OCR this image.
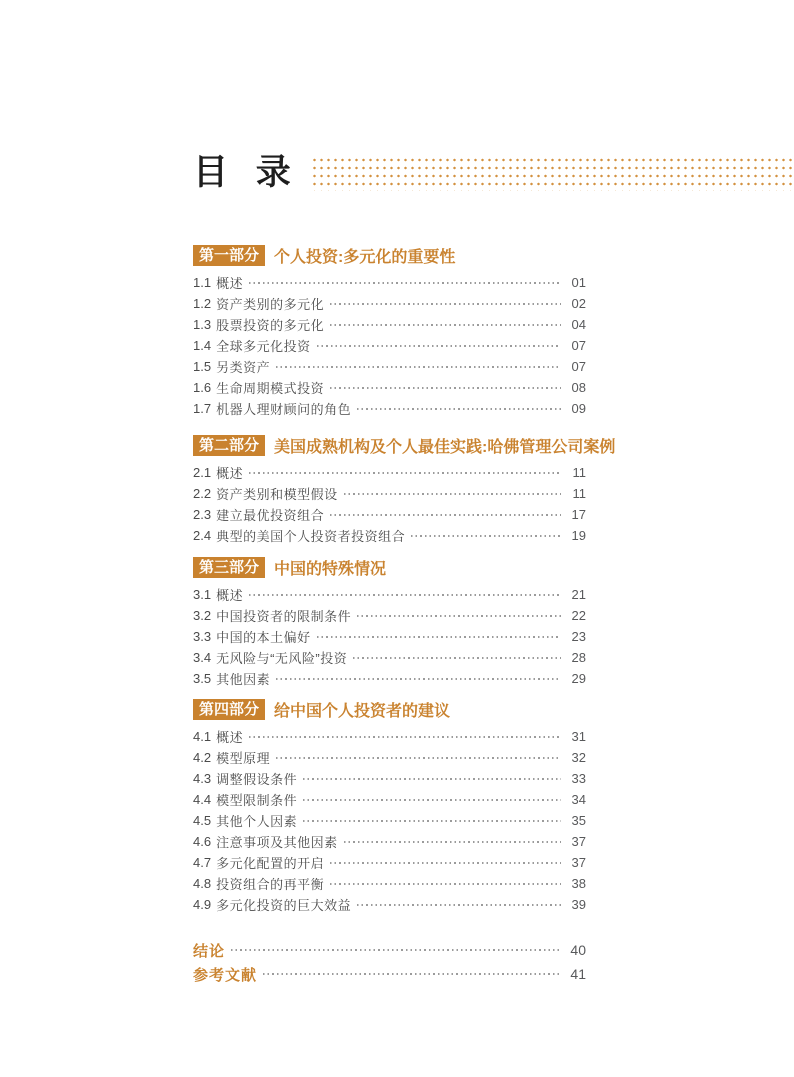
目 录
第一部分 个人投资:多元化的重要性
1.1 概述	01
1.2 资产类别的多元化	02
1.3 股票投资的多元化	04
1.4 全球多元化投资	07
1.5 另类资产	07
1.6 生命周期模式投资	08
1.7 机器人理财顾问的角色	09
第二部分 美国成熟机构及个人最佳实践:哈佛管理公司案例
2.1 概述	11
2.2 资产类别和模型假设	11
2.3 建立最优投资组合	17
2.4 典型的美国个人投资者投资组合	19
第三部分 中国的特殊情况
3.1 概述	21
3.2 中国投资者的限制条件	22
3.3 中国的本土偏好	23
3.4 无风险与“无风险”投资	28
3.5 其他因素	29
第四部分 给中国个人投资者的建议
4.1 概述	31
4.2 模型原理	32
4.3 调整假设条件	33
4.4 模型限制条件	34
4.5 其他个人因素	35
4.6 注意事项及其他因素	37
4.7 多元化配置的开启	37
4.8 投资组合的再平衡	38
4.9 多元化投资的巨大效益	39
结论	40
参考文献	41
